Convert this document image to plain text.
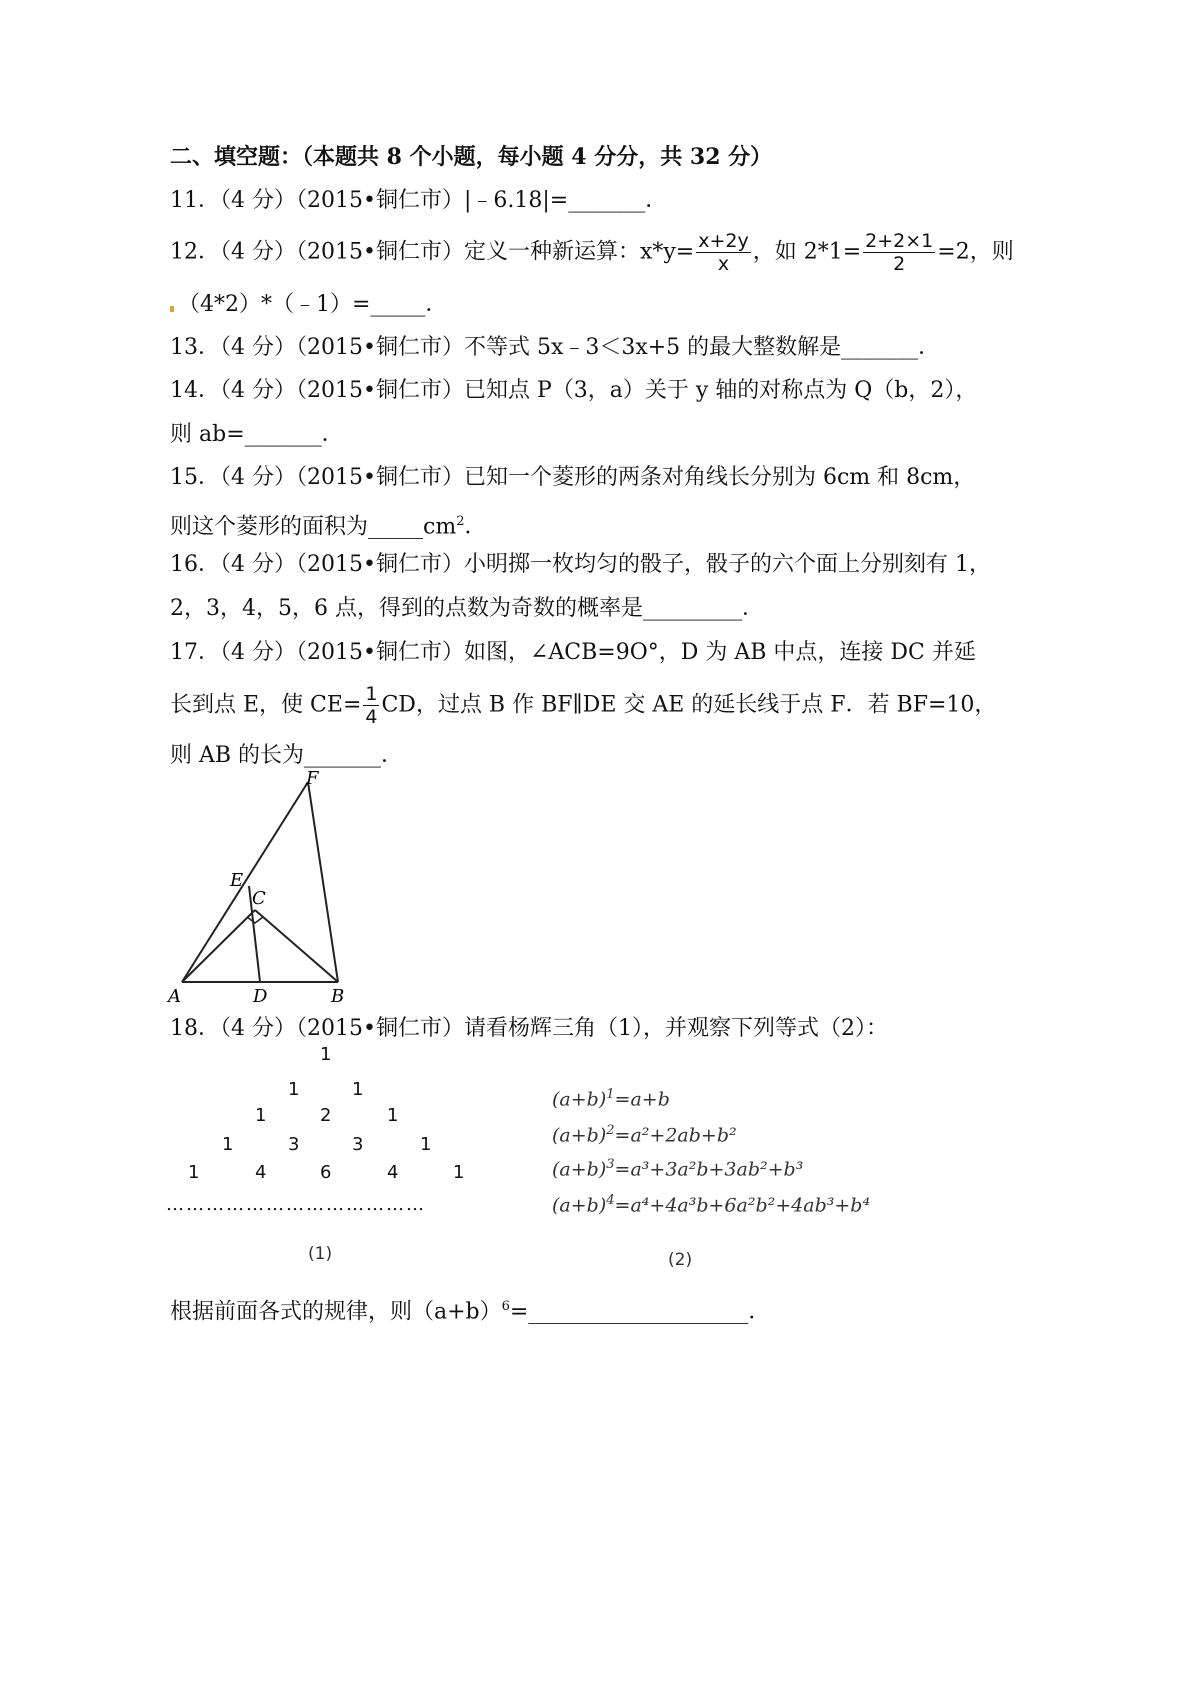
二、填空题：（本题共 8 个小题，每小题 4 分分，共 32 分）
11．（4 分）（2015•铜仁市）|﹣6.18|=_______．
12．（4 分）（2015•铜仁市）定义一种新运算：$x*y= \frac{x+2y}{x}$ ，如 $2*1= \frac{2+2\times 1}{2} =2$，则
（4*2）*（﹣1）=_____．
13．（4 分）（2015•铜仁市）不等式 5x﹣3＜3x+5 的最大整数解是_______．
14．（4 分）（2015•铜仁市）已知点 P（3，a）关于 y 轴的对称点为 Q（b，2），
则 ab=_______．
15．（4 分）（2015•铜仁市）已知一个菱形的两条对角线长分别为 6cm 和 8cm，
则这个菱形的面积为$\_\_\_\_\_cm^2$．
16．（4 分）（2015•铜仁市）小明掷一枚均匀的骰子，骰子的六个面上分别刻有 1，
2，3，4，5，6 点，得到的点数为奇数的概率是_________．
17．（4 分）（2015•铜仁市）如图，∠ACB=9O°，D 为 AB 中点，连接 DC 并延
长到点 E，使 $CE= \frac{1}{4}$ CD，过点 B 作 BF∥DE 交 AE 的延长线于点 F．若 BF=10，
则 AB 的长为_______．
F
E
C
A	D	B
18．（4 分）（2015•铜仁市）请看杨辉三角（1），并观察下列等式（2）：
1
1	1
1	2	1
1	3	3	1
1	4	6	4	1
…………………………………
(1)
$(a+b)^1=a+b$
$(a+b)^2=a^2+2ab+b^2$
$(a+b)^3=a^3+3a^2b+3ab^2+b^3$
$(a+b)^4=a^4+4a^3b+6a^2b^2+4ab^3+b^4$
(2)
根据前面各式的规律，则$(a+b)^6=\_\_\_\_\_\_\_\_\_\_\_\_\_\_\_\_\_\_\_\_$．
